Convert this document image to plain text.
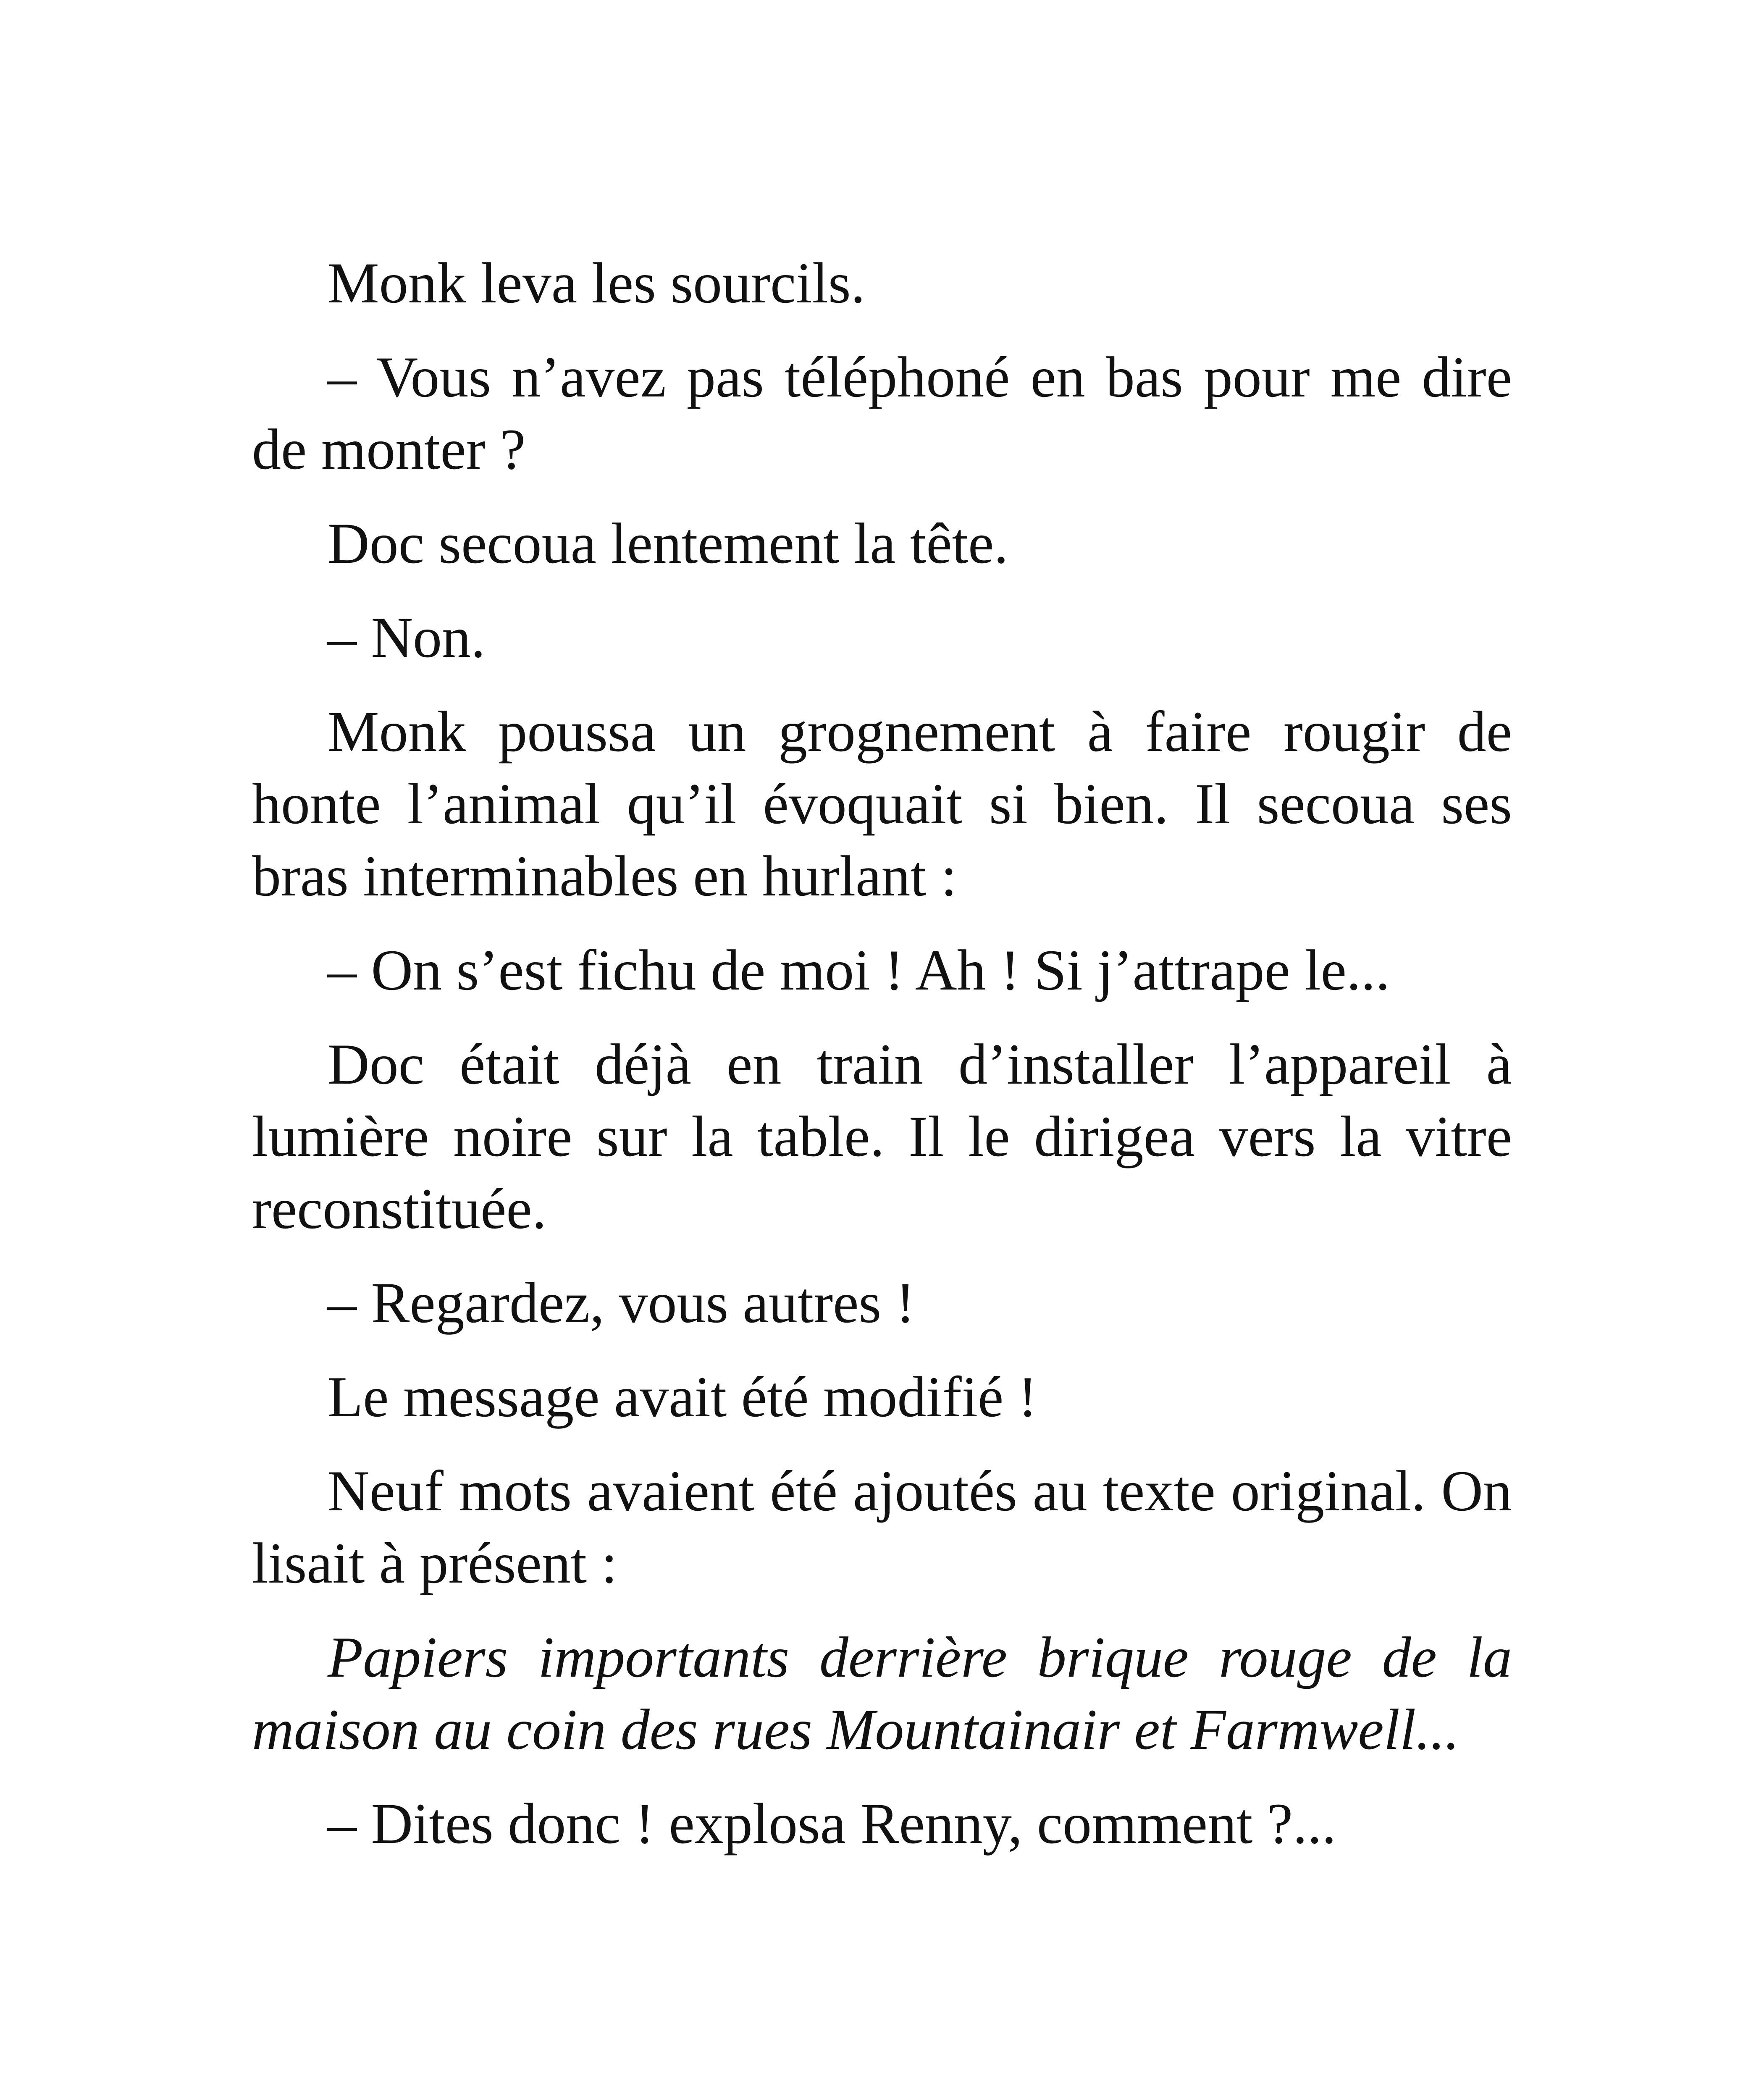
Monk leva les sourcils.

– Vous n’avez pas téléphoné en bas pour me dire de monter ?

Doc secoua lentement la tête.

– Non.

Monk poussa un grognement à faire rougir de honte l’animal qu’il évoquait si bien. Il secoua ses bras interminables en hurlant :

– On s’est fichu de moi ! Ah ! Si j’attrape le...

Doc était déjà en train d’installer l’appareil à lumière noire sur la table. Il le dirigea vers la vitre reconstituée.

– Regardez, vous autres !

Le message avait été modifié !

Neuf mots avaient été ajoutés au texte original. On lisait à présent :

Papiers importants derrière brique rouge de la maison au coin des rues Mountainair et Farmwell...

– Dites donc ! explosa Renny, comment ?...
